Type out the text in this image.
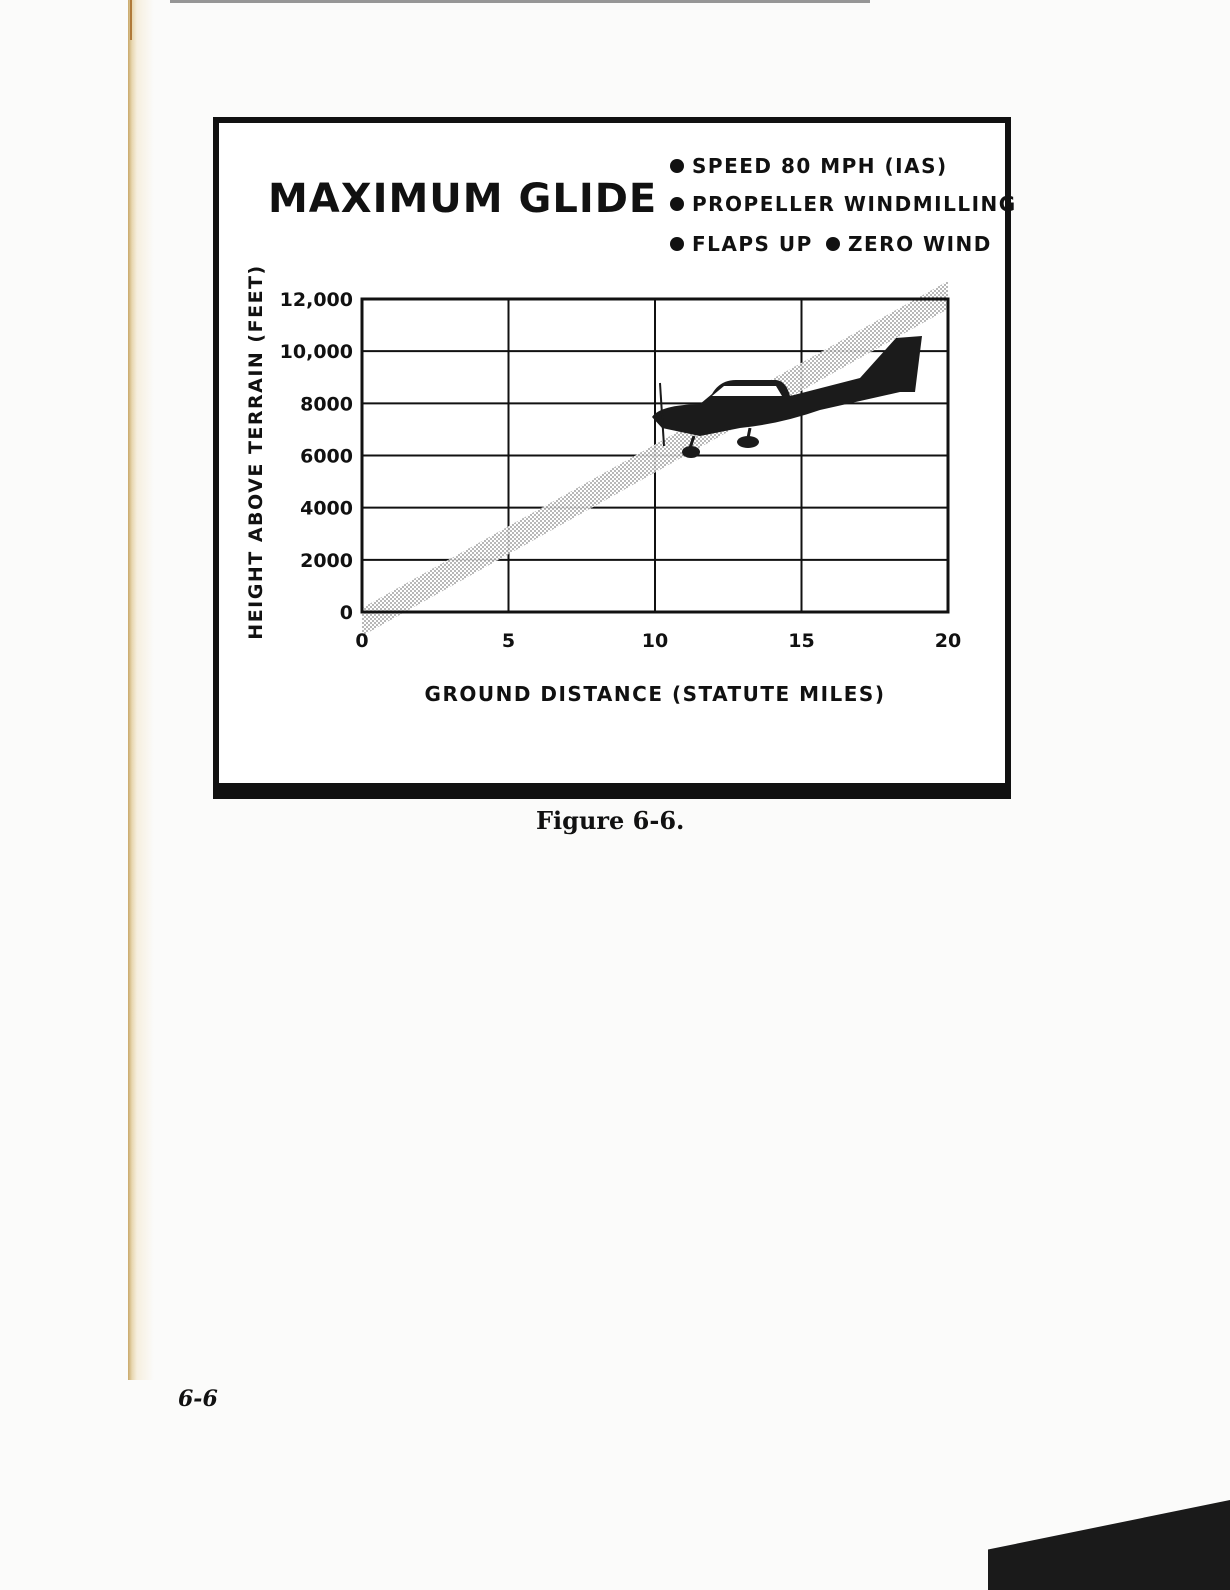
MAXIMUM GLIDE
SPEED 80 MPH (IAS)
PROPELLER WINDMILLING
FLAPS UP	ZERO WIND
0	5	10	15	20
0
2000
4000
6000
8000
10,000
12,000
GROUND DISTANCE (STATUTE MILES)
HEIGHT ABOVE TERRAIN (FEET)
Figure 6-6.
6-6
